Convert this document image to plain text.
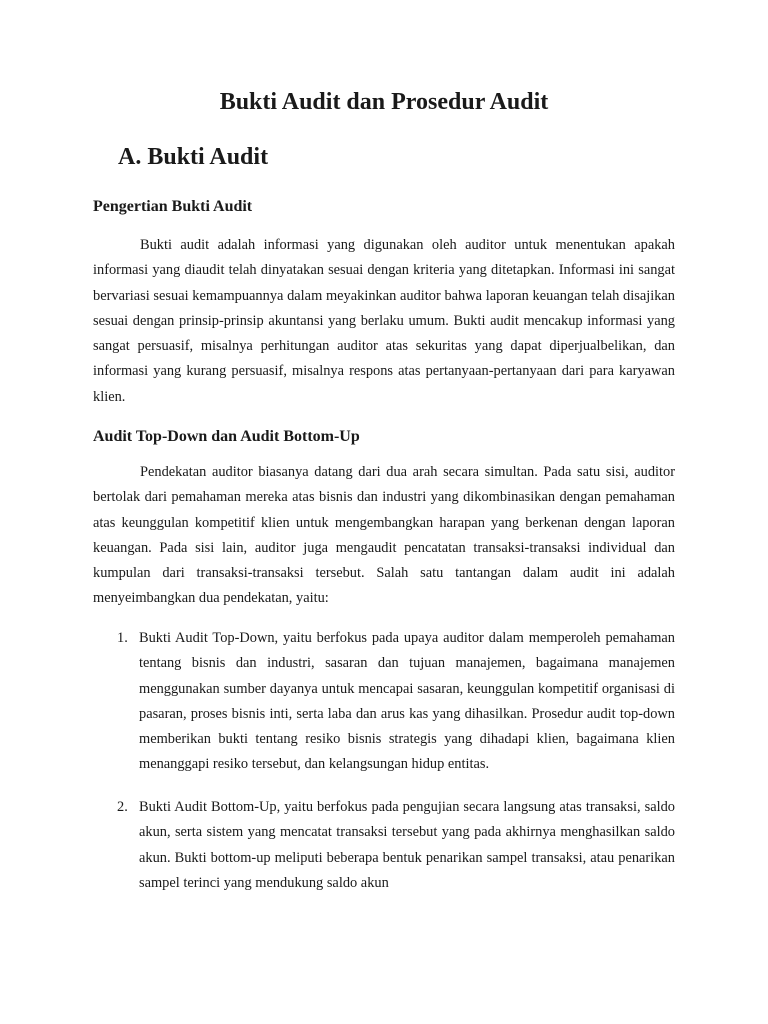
Bukti Audit dan Prosedur Audit
A. Bukti Audit
Pengertian Bukti Audit

Bukti audit adalah informasi yang digunakan oleh auditor untuk menentukan apakah informasi yang diaudit telah dinyatakan sesuai dengan kriteria yang ditetapkan. Informasi ini sangat bervariasi sesuai kemampuannya dalam meyakinkan auditor bahwa laporan keuangan telah disajikan sesuai dengan prinsip-prinsip akuntansi yang berlaku umum. Bukti audit mencakup informasi yang sangat persuasif, misalnya perhitungan auditor atas sekuritas yang dapat diperjualbelikan, dan informasi yang kurang persuasif, misalnya respons atas pertanyaan-pertanyaan dari para karyawan klien.

Audit Top-Down dan Audit Bottom-Up

Pendekatan auditor biasanya datang dari dua arah secara simultan. Pada satu sisi, auditor bertolak dari pemahaman mereka atas bisnis dan industri yang dikombinasikan dengan pemahaman atas keunggulan kompetitif klien untuk mengembangkan harapan yang berkenan dengan laporan keuangan. Pada sisi lain, auditor juga mengaudit pencatatan transaksi-transaksi individual dan kumpulan dari transaksi-transaksi tersebut. Salah satu tantangan dalam audit ini adalah menyeimbangkan dua pendekatan, yaitu:

1. Bukti Audit Top-Down, yaitu berfokus pada upaya auditor dalam memperoleh pemahaman tentang bisnis dan industri, sasaran dan tujuan manajemen, bagaimana manajemen menggunakan sumber dayanya untuk mencapai sasaran, keunggulan kompetitif organisasi di pasaran, proses bisnis inti, serta laba dan arus kas yang dihasilkan. Prosedur audit top-down memberikan bukti tentang resiko bisnis strategis yang dihadapi klien, bagaimana klien menanggapi resiko tersebut, dan kelangsungan hidup entitas.
2. Bukti Audit Bottom-Up, yaitu berfokus pada pengujian secara langsung atas transaksi, saldo akun, serta sistem yang mencatat transaksi tersebut yang pada akhirnya menghasilkan saldo akun. Bukti bottom-up meliputi beberapa bentuk penarikan sampel transaksi, atau penarikan sampel terinci yang mendukung saldo akun
